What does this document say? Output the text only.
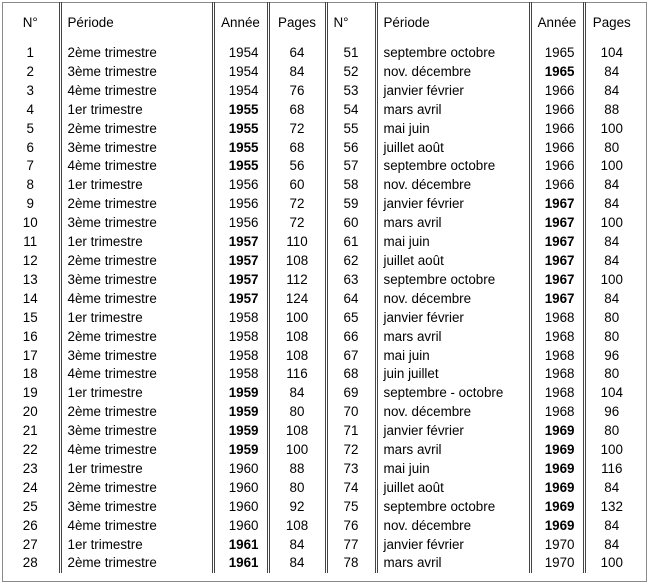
N°	Période	Année	Pages	N°	Période	Année	Pages
1	2ème trimestre	1954	64	51	septembre octobre	1965	104
2	3ème trimestre	1954	84	52	nov. décembre	1965	84
3	4ème trimestre	1954	76	53	janvier février	1966	84
4	1er trimestre	1955	68	54	mars avril	1966	88
5	2ème trimestre	1955	72	55	mai juin	1966	100
6	3ème trimestre	1955	68	56	juillet août	1966	80
7	4ème trimestre	1955	56	57	septembre octobre	1966	100
8	1er trimestre	1956	60	58	nov. décembre	1966	84
9	2ème trimestre	1956	72	59	janvier février	1967	84
10	3ème trimestre	1956	72	60	mars avril	1967	100
11	1er trimestre	1957	110	61	mai juin	1967	84
12	2ème trimestre	1957	108	62	juillet août	1967	84
13	3ème trimestre	1957	112	63	septembre octobre	1967	100
14	4ème trimestre	1957	124	64	nov. décembre	1967	84
15	1er trimestre	1958	100	65	janvier février	1968	80
16	2ème trimestre	1958	108	66	mars avril	1968	80
17	3ème trimestre	1958	108	67	mai juin	1968	96
18	4ème trimestre	1958	116	68	juin juillet	1968	80
19	1er trimestre	1959	84	69	septembre - octobre	1968	104
20	2ème trimestre	1959	80	70	nov. décembre	1968	96
21	3ème trimestre	1959	108	71	janvier février	1969	80
22	4ème trimestre	1959	100	72	mars avril	1969	100
23	1er trimestre	1960	88	73	mai juin	1969	116
24	2ème trimestre	1960	80	74	juillet août	1969	84
25	3ème trimestre	1960	92	75	septembre octobre	1969	132
26	4ème trimestre	1960	108	76	nov. décembre	1969	84
27	1er trimestre	1961	84	77	janvier février	1970	84
28	2ème trimestre	1961	84	78	mars avril	1970	100
